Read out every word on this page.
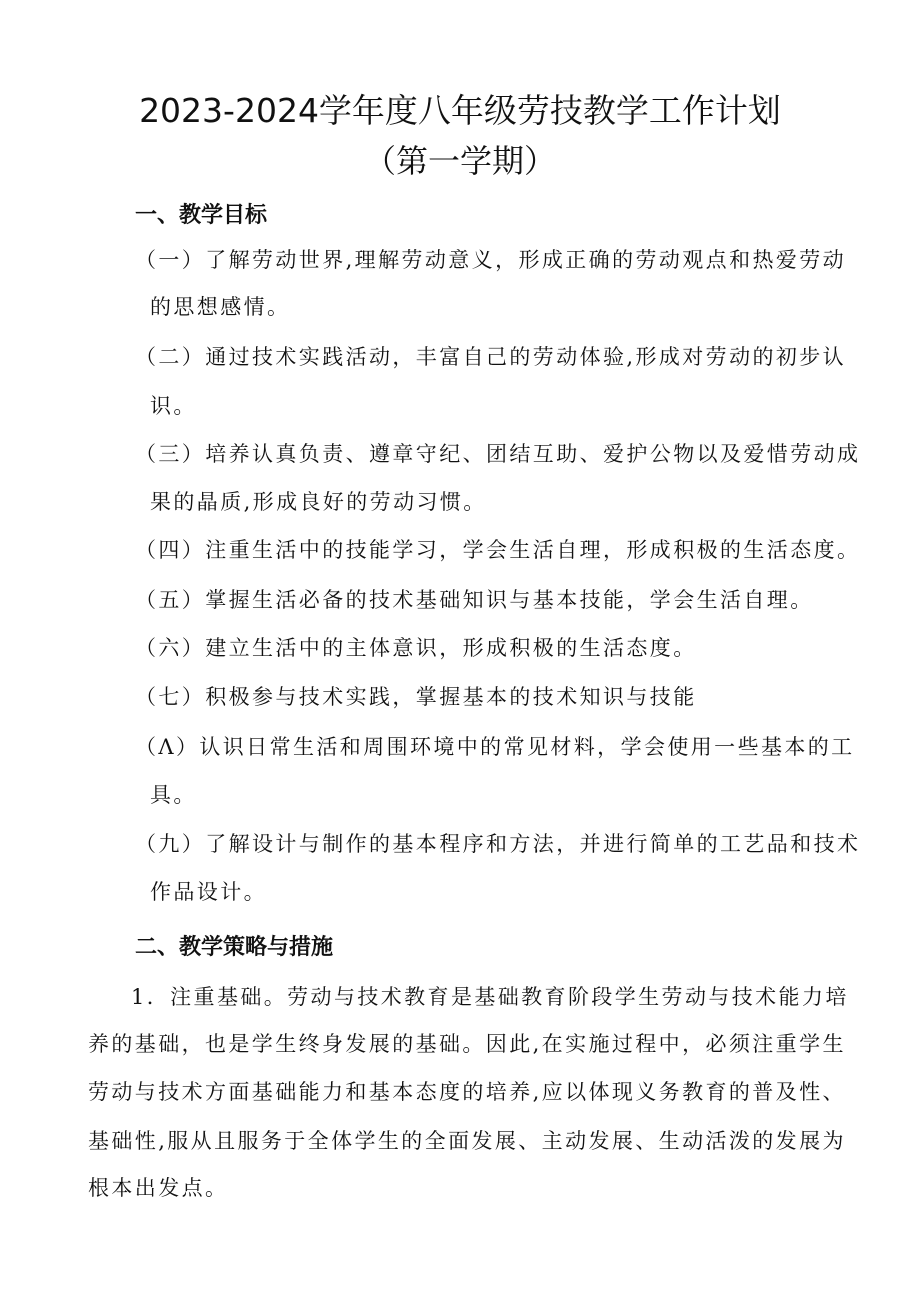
2023-2024学年度八年级劳技教学工作计划
（第一学期）
一、教学目标
（一）了解劳动世界,理解劳动意义，形成正确的劳动观点和热爱劳动
的思想感情。
（二）通过技术实践活动，丰富自己的劳动体验,形成对劳动的初步认
识。
（三）培养认真负责、遵章守纪、团结互助、爱护公物以及爱惜劳动成
果的晶质,形成良好的劳动习惯。
（四）注重生活中的技能学习，学会生活自理，形成积极的生活态度。
（五）掌握生活必备的技术基础知识与基本技能，学会生活自理。
（六）建立生活中的主体意识，形成积极的生活态度。
（七）积极参与技术实践，掌握基本的技术知识与技能
（Λ）认识日常生活和周围环境中的常见材料，学会使用一些基本的工
具。
（九）了解设计与制作的基本程序和方法，并进行简单的工艺品和技术
作品设计。
二、教学策略与措施
1．注重基础。劳动与技术教育是基础教育阶段学生劳动与技术能力培
养的基础，也是学生终身发展的基础。因此,在实施过程中，必须注重学生
劳动与技术方面基础能力和基本态度的培养,应以体现义务教育的普及性、
基础性,服从且服务于全体学生的全面发展、主动发展、生动活泼的发展为
根本出发点。
